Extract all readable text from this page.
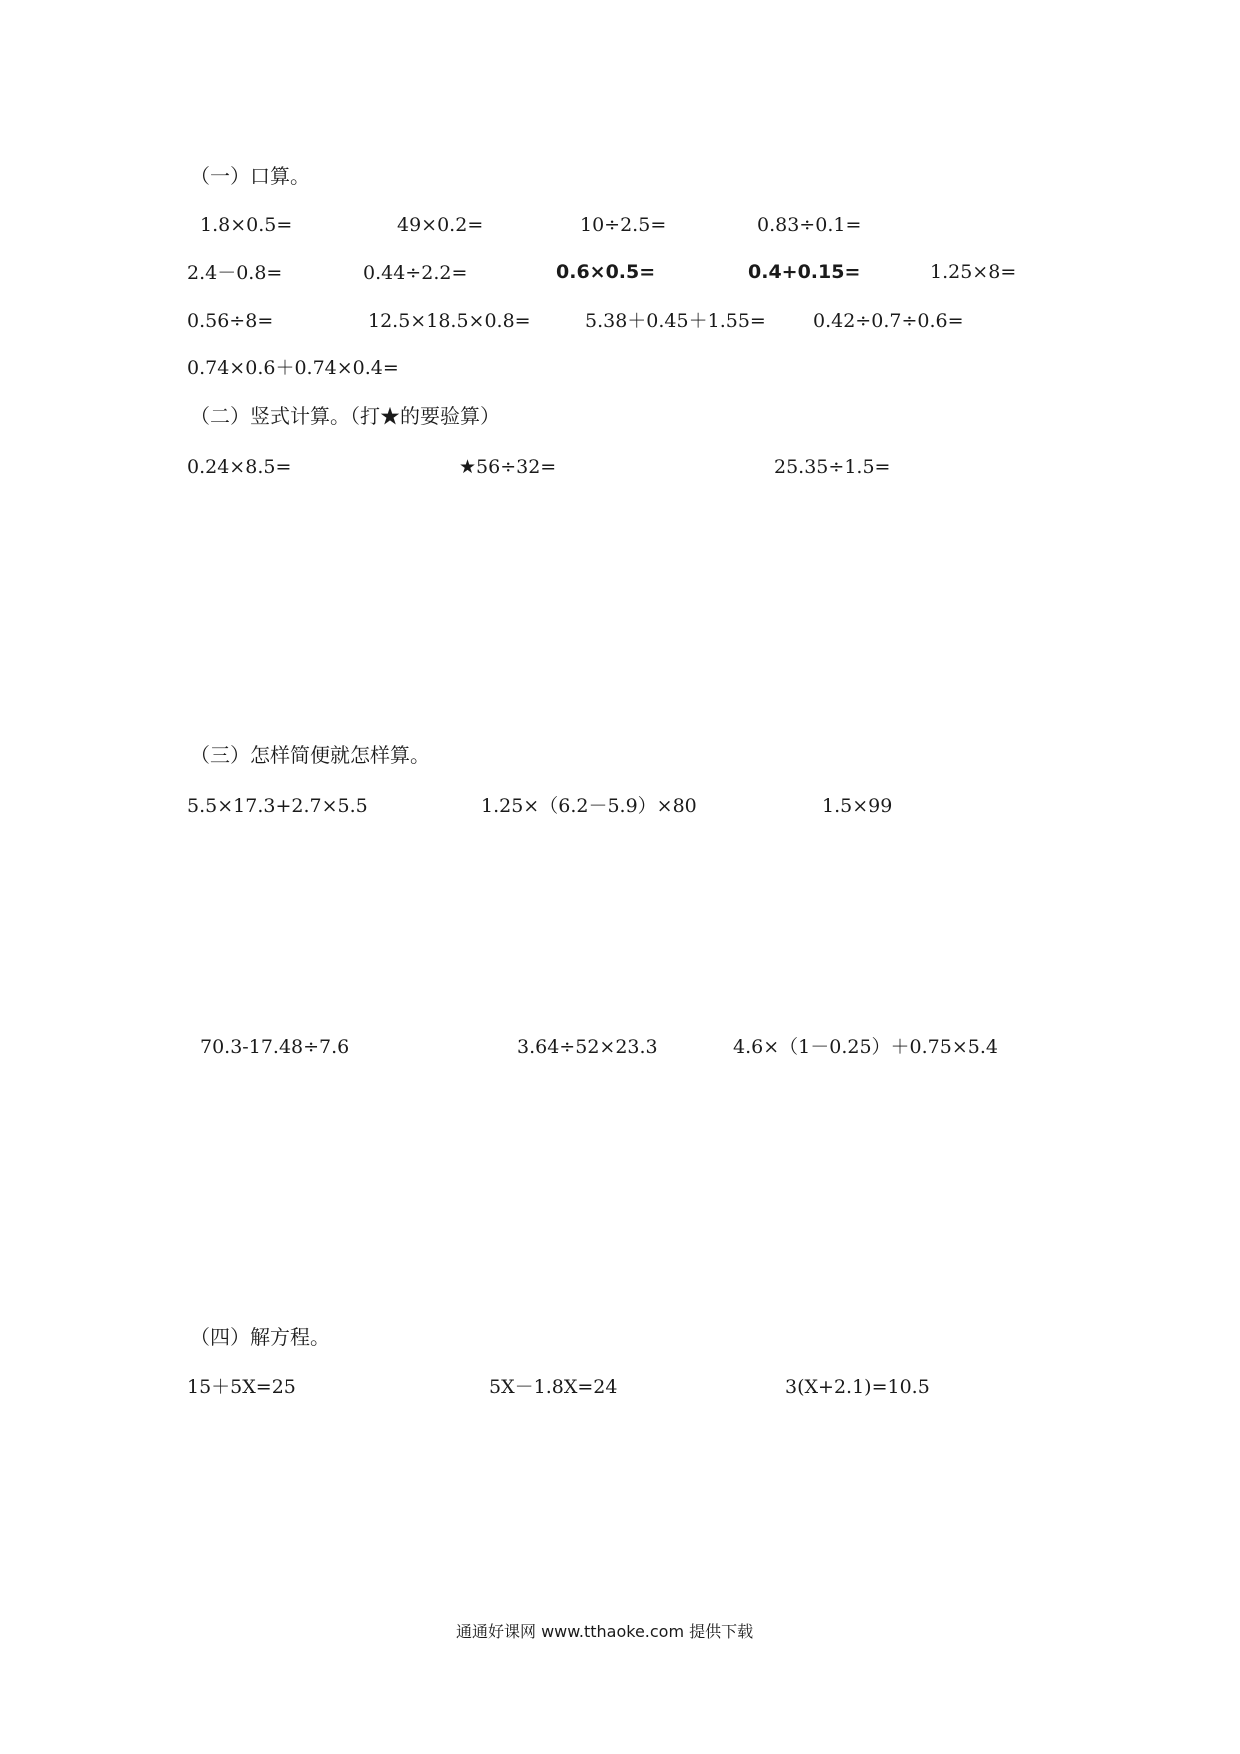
（一）口算。
1.8×0.5=	49×0.2=	10÷2.5=	0.83÷0.1=
2.4－0.8=	0.44÷2.2=	0.6×0.5=	0.4+0.15=	1.25×8=
0.56÷8=	12.5×18.5×0.8=	5.38＋0.45＋1.55= 0.42÷0.7÷0.6=
0.74×0.6＋0.74×0.4=
（二）竖式计算。（打★的要验算）
0.24×8.5=	★56÷32=	25.35÷1.5=
（三）怎样简便就怎样算。
5.5×17.3+2.7×5.5	1.25×（6.2－5.9）×80	1.5×99
70.3-17.48÷7.6	3.64÷52×23.3	4.6×（1－0.25）＋0.75×5.4
（四）解方程。
15＋5X=25	5X－1.8X=24	3(X+2.1)=10.5
通通好课网 www.tthaoke.com 提供下载
